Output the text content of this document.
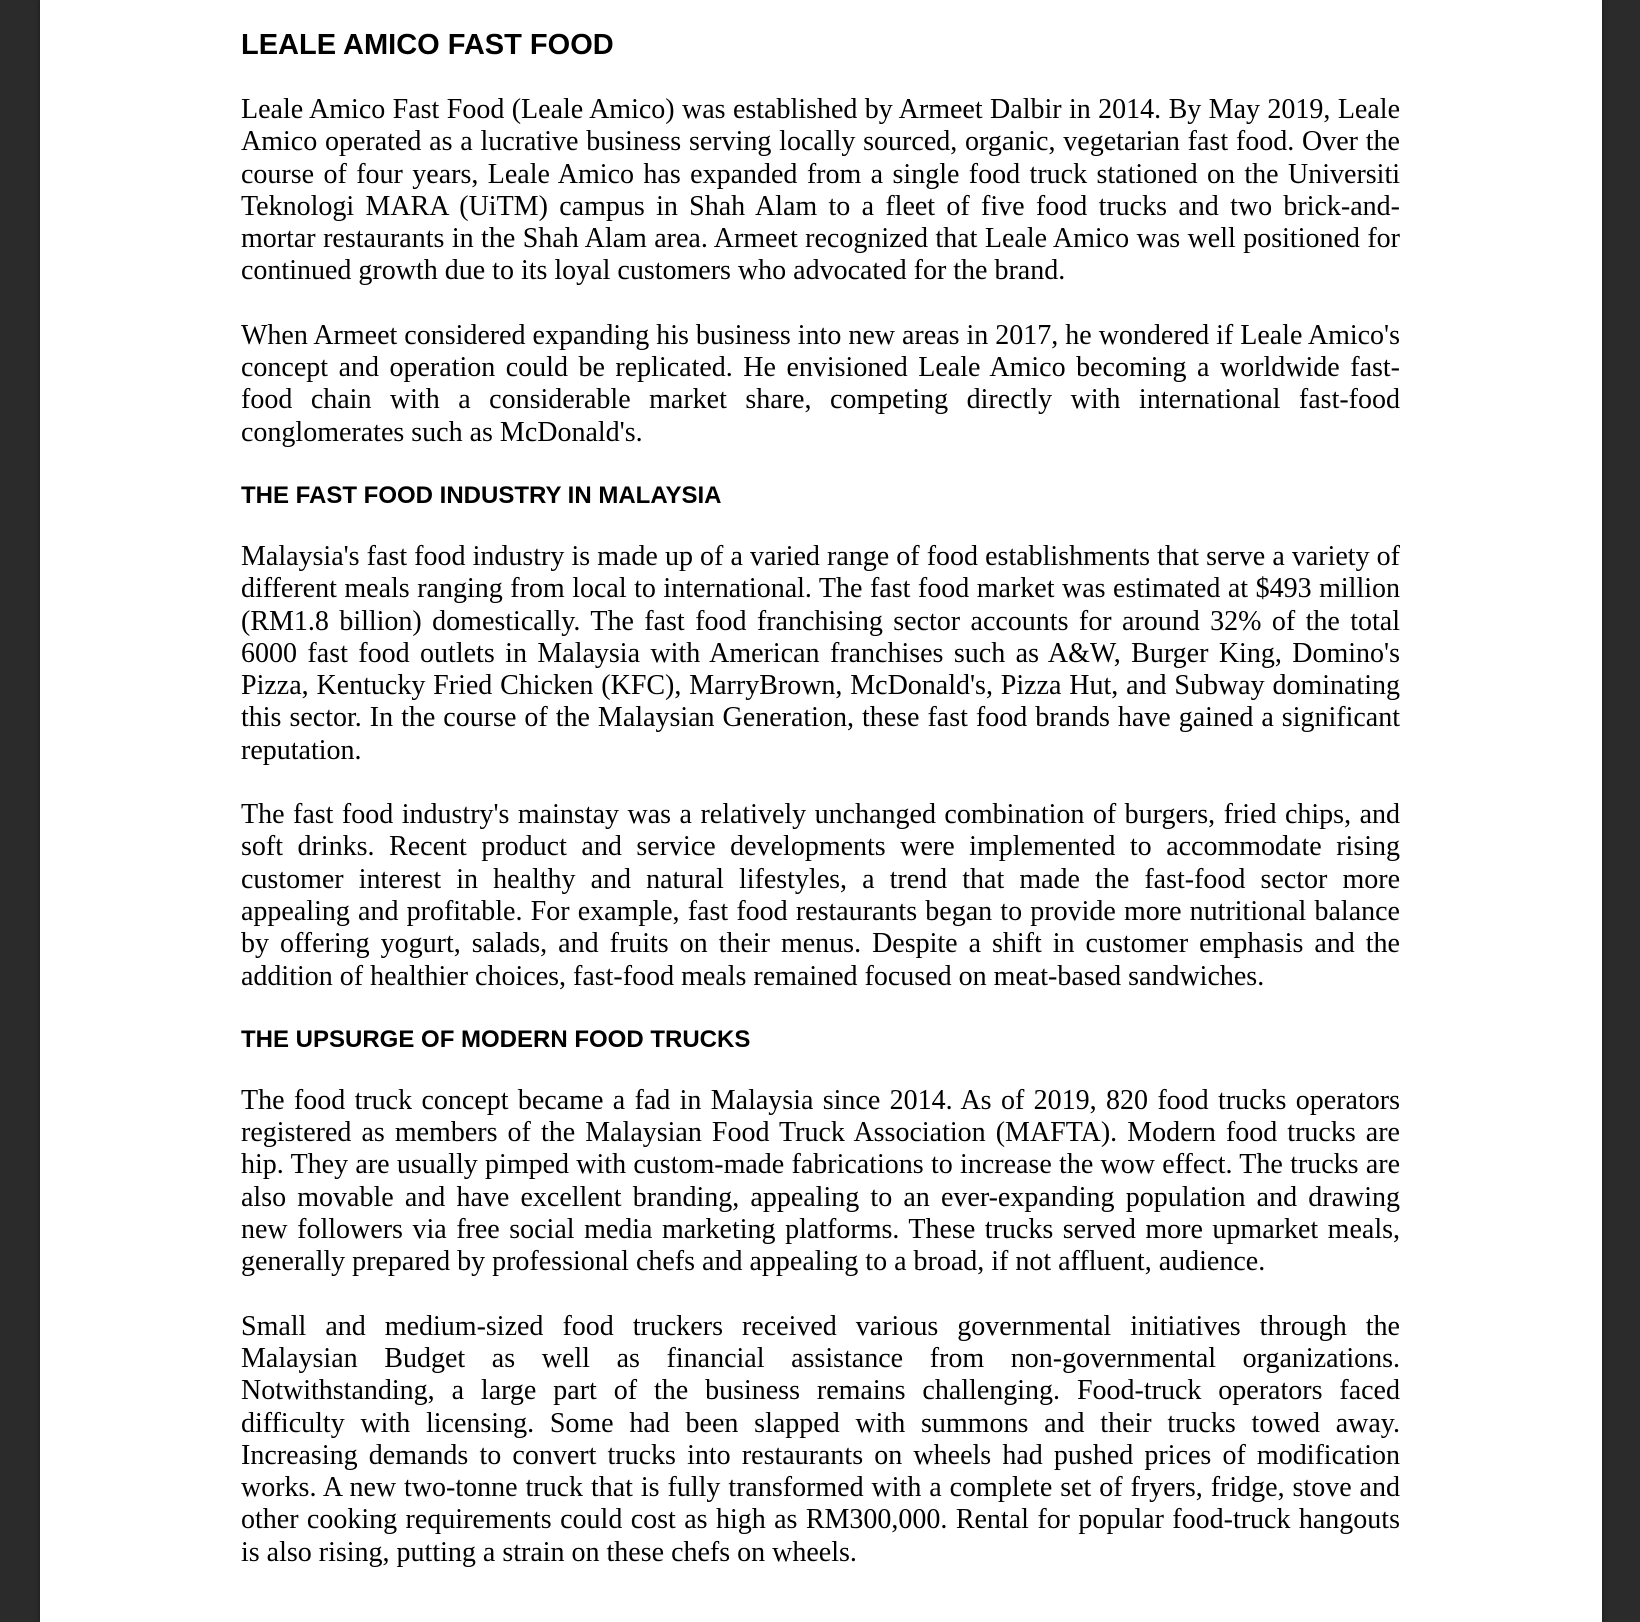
LEALE AMICO FAST FOOD

Leale Amico Fast Food (Leale Amico) was established by Armeet Dalbir in 2014. By May 2019, Leale Amico operated as a lucrative business serving locally sourced, organic, vegetarian fast food. Over the course of four years, Leale Amico has expanded from a single food truck stationed on the Universiti Teknologi MARA (UiTM) campus in Shah Alam to a fleet of five food trucks and two brick-and-mortar restaurants in the Shah Alam area. Armeet recognized that Leale Amico was well positioned for continued growth due to its loyal customers who advocated for the brand.

When Armeet considered expanding his business into new areas in 2017, he wondered if Leale Amico's concept and operation could be replicated. He envisioned Leale Amico becoming a worldwide fast-food chain with a considerable market share, competing directly with international fast-food conglomerates such as McDonald's.

THE FAST FOOD INDUSTRY IN MALAYSIA

Malaysia's fast food industry is made up of a varied range of food establishments that serve a variety of different meals ranging from local to international. The fast food market was estimated at $493 million (RM1.8 billion) domestically. The fast food franchising sector accounts for around 32% of the total 6000 fast food outlets in Malaysia with American franchises such as A&W, Burger King, Domino's Pizza, Kentucky Fried Chicken (KFC), MarryBrown, McDonald's, Pizza Hut, and Subway dominating this sector. In the course of the Malaysian Generation, these fast food brands have gained a significant reputation.

The fast food industry's mainstay was a relatively unchanged combination of burgers, fried chips, and soft drinks. Recent product and service developments were implemented to accommodate rising customer interest in healthy and natural lifestyles, a trend that made the fast-food sector more appealing and profitable. For example, fast food restaurants began to provide more nutritional balance by offering yogurt, salads, and fruits on their menus. Despite a shift in customer emphasis and the addition of healthier choices, fast-food meals remained focused on meat-based sandwiches.

THE UPSURGE OF MODERN FOOD TRUCKS

The food truck concept became a fad in Malaysia since 2014. As of 2019, 820 food trucks operators registered as members of the Malaysian Food Truck Association (MAFTA). Modern food trucks are hip. They are usually pimped with custom-made fabrications to increase the wow effect. The trucks are also movable and have excellent branding, appealing to an ever-expanding population and drawing new followers via free social media marketing platforms. These trucks served more upmarket meals, generally prepared by professional chefs and appealing to a broad, if not affluent, audience.

Small and medium-sized food truckers received various governmental initiatives through the Malaysian Budget as well as financial assistance from non-governmental organizations. Notwithstanding, a large part of the business remains challenging. Food-truck operators faced difficulty with licensing. Some had been slapped with summons and their trucks towed away. Increasing demands to convert trucks into restaurants on wheels had pushed prices of modification works. A new two-tonne truck that is fully transformed with a complete set of fryers, fridge, stove and other cooking requirements could cost as high as RM300,000. Rental for popular food-truck hangouts is also rising, putting a strain on these chefs on wheels.
